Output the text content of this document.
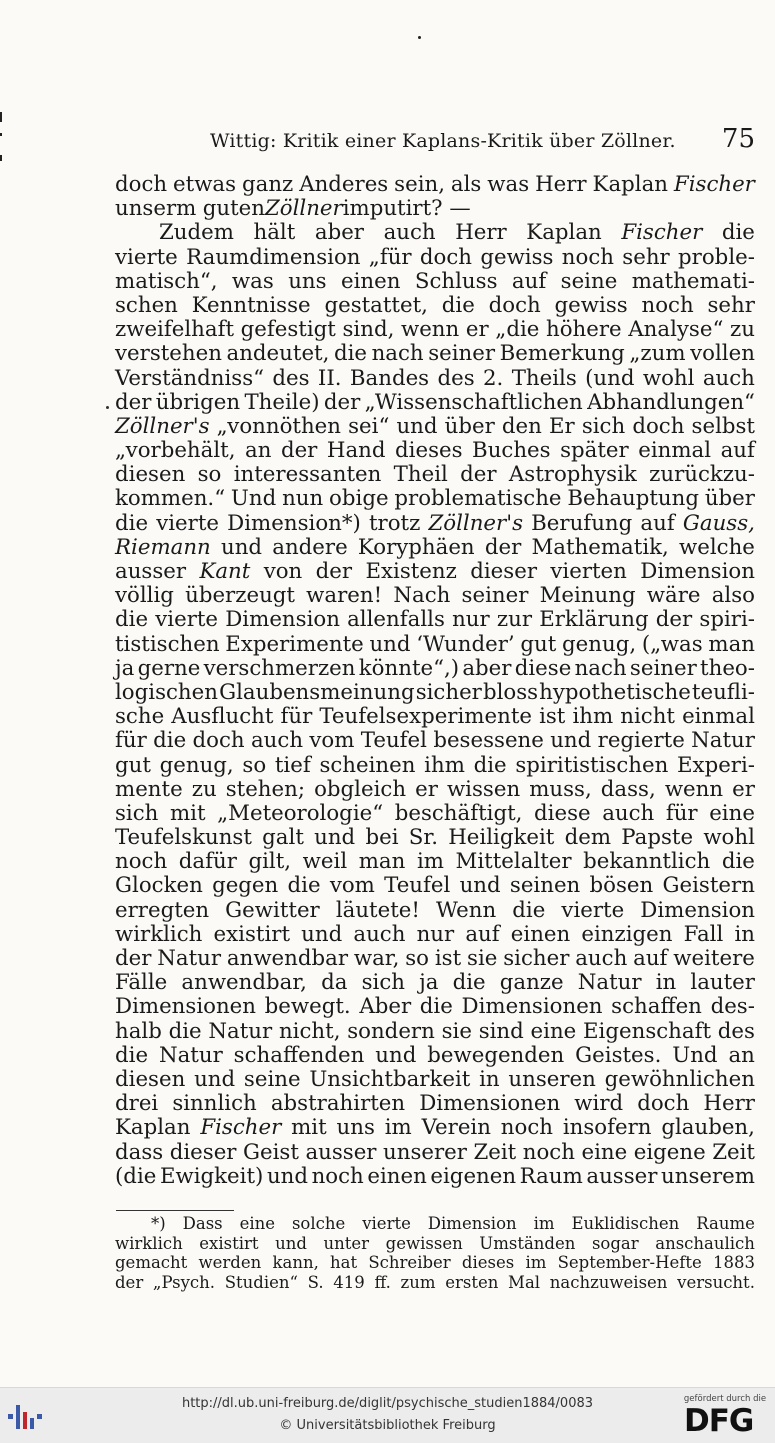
Wittig: Kritik einer Kaplans-Kritik über Zöllner. 75
doch etwas ganz Anderes sein, als was Herr Kaplan Fischer
unserm guten Zöllner imputirt? —
Zudem hält aber auch Herr Kaplan Fischer die
vierte Raumdimension „für doch gewiss noch sehr proble-
matisch“, was uns einen Schluss auf seine mathemati-
schen Kenntnisse gestattet, die doch gewiss noch sehr
zweifelhaft gefestigt sind, wenn er „die höhere Analyse“ zu
verstehen andeutet, die nach seiner Bemerkung „zum vollen
Verständniss“ des II. Bandes des 2. Theils (und wohl auch
der übrigen Theile) der „Wissenschaftlichen Abhandlungen“
Zöllner's „vonnöthen sei“ und über den Er sich doch selbst
„vorbehält, an der Hand dieses Buches später einmal auf
diesen so interessanten Theil der Astrophysik zurückzu-
kommen.“ Und nun obige problematische Behauptung über
die vierte Dimension*) trotz Zöllner's Berufung auf Gauss,
Riemann und andere Koryphäen der Mathematik, welche
ausser Kant von der Existenz dieser vierten Dimension
völlig überzeugt waren! Nach seiner Meinung wäre also
die vierte Dimension allenfalls nur zur Erklärung der spiri-
tistischen Experimente und ‘Wunder’ gut genug, („was man
ja gerne verschmerzen könnte“,) aber diese nach seiner theo-
logischen Glaubensmeinung sicher bloss hypothetische teufli-
sche Ausflucht für Teufelsexperimente ist ihm nicht einmal
für die doch auch vom Teufel besessene und regierte Natur
gut genug, so tief scheinen ihm die spiritistischen Experi-
mente zu stehen; obgleich er wissen muss, dass, wenn er
sich mit „Meteorologie“ beschäftigt, diese auch für eine
Teufelskunst galt und bei Sr. Heiligkeit dem Papste wohl
noch dafür gilt, weil man im Mittelalter bekanntlich die
Glocken gegen die vom Teufel und seinen bösen Geistern
erregten Gewitter läutete! Wenn die vierte Dimension
wirklich existirt und auch nur auf einen einzigen Fall in
der Natur anwendbar war, so ist sie sicher auch auf weitere
Fälle anwendbar, da sich ja die ganze Natur in lauter
Dimensionen bewegt. Aber die Dimensionen schaffen des-
halb die Natur nicht, sondern sie sind eine Eigenschaft des
die Natur schaffenden und bewegenden Geistes. Und an
diesen und seine Unsichtbarkeit in unseren gewöhnlichen
drei sinnlich abstrahirten Dimensionen wird doch Herr
Kaplan Fischer mit uns im Verein noch insofern glauben,
dass dieser Geist ausser unserer Zeit noch eine eigene Zeit
(die Ewigkeit) und noch einen eigenen Raum ausser unserem
*) Dass eine solche vierte Dimension im Euklidischen Raume
wirklich existirt und unter gewissen Umständen sogar anschaulich
gemacht werden kann, hat Schreiber dieses im September-Hefte 1883
der „Psych. Studien“ S. 419 ff. zum ersten Mal nachzuweisen versucht.
http://dl.ub.uni-freiburg.de/diglit/psychische_studien1884/0083
© Universitätsbibliothek Freiburg
gefördert durch die
DFG
